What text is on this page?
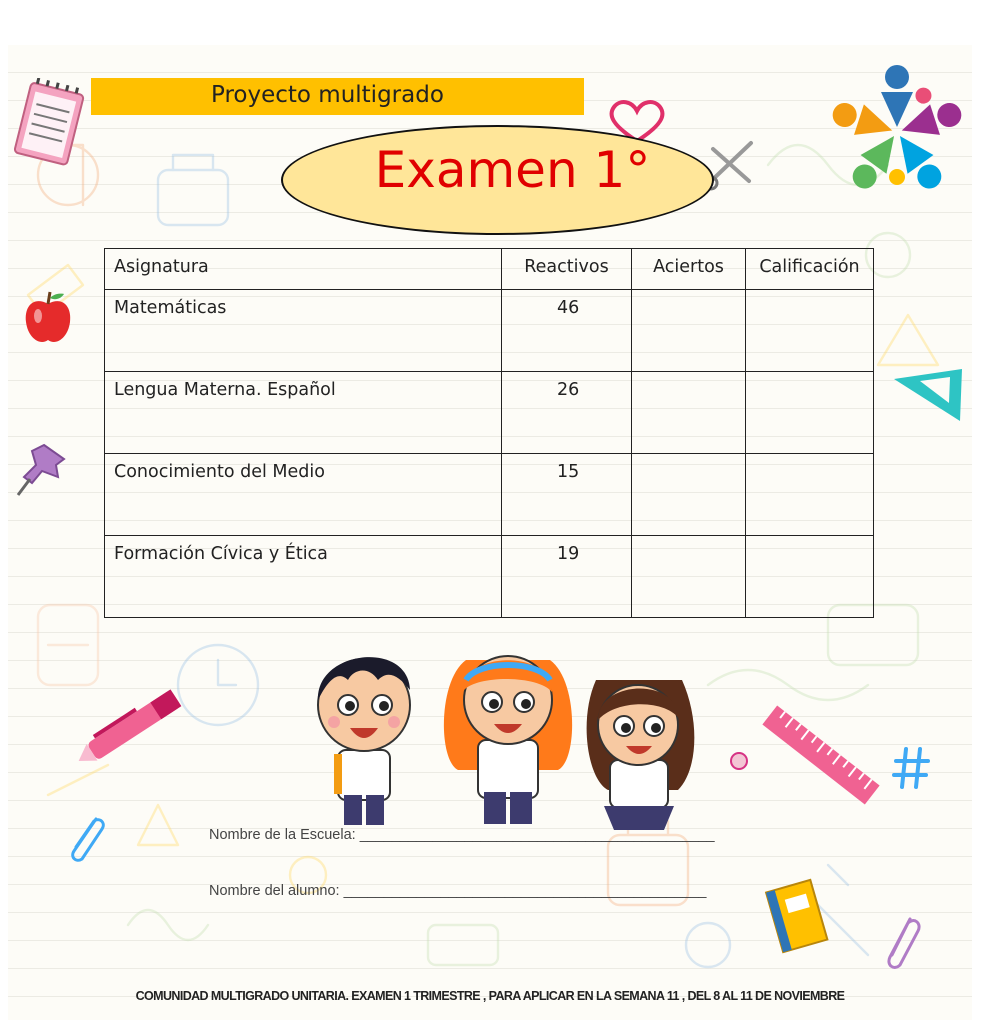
Proyecto multigrado
Examen 1°
Asignatura	Reactivos	Aciertos	Calificación
Matemáticas	46		
Lengua Materna. Español	26		
Conocimiento del Medio	15		
Formación Cívica y Ética	19		
Nombre de la Escuela: ____________________________________________
Nombre del alumno: _____________________________________________
COMUNIDAD MULTIGRADO UNITARIA. EXAMEN 1 TRIMESTRE , PARA APLICAR EN LA SEMANA 11 , DEL 8 AL 11 DE NOVIEMBRE
